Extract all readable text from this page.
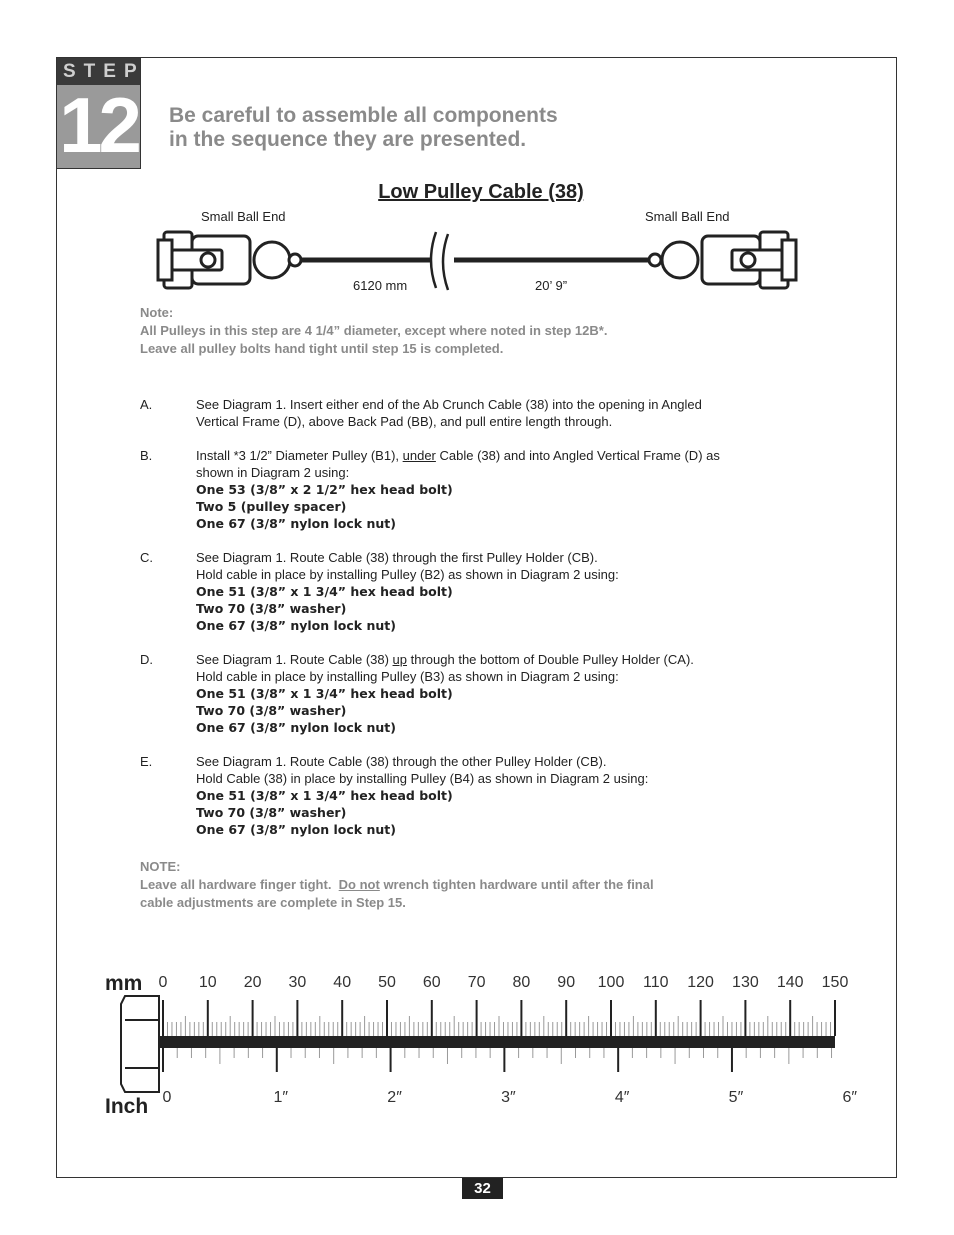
STEP
12 Be careful to assemble all components
in the sequence they are presented.
Low Pulley Cable (38)
Small Ball End	Small Ball End
6120 mm	20’ 9”
Note:
All Pulleys in this step are 4 1/4” diameter, except where noted in step 12B*.
Leave all pulley bolts hand tight until step 15 is completed.
A.	See Diagram 1. Insert either end of the Ab Crunch Cable (38) into the opening in Angled
Vertical Frame (D), above Back Pad (BB), and pull entire length through.
B.	Install *3 1/2” Diameter Pulley (B1), under Cable (38) and into Angled Vertical Frame (D) as
shown in Diagram 2 using:
One 53 (3/8” x 2 1/2” hex head bolt)
Two 5 (pulley spacer)
One 67 (3/8” nylon lock nut)
C.	See Diagram 1. Route Cable (38) through the first Pulley Holder (CB).
Hold cable in place by installing Pulley (B2) as shown in Diagram 2 using:
One 51 (3/8” x 1 3/4” hex head bolt)
Two 70 (3/8” washer)
One 67 (3/8” nylon lock nut)
D.	See Diagram 1. Route Cable (38) up through the bottom of Double Pulley Holder (CA).
Hold cable in place by installing Pulley (B3) as shown in Diagram 2 using:
One 51 (3/8” x 1 3/4” hex head bolt)
Two 70 (3/8” washer)
One 67 (3/8” nylon lock nut)
E.	See Diagram 1. Route Cable (38) through the other Pulley Holder (CB).
Hold Cable (38) in place by installing Pulley (B4) as shown in Diagram 2 using:
One 51 (3/8” x 1 3/4” hex head bolt)
Two 70 (3/8” washer)
One 67 (3/8” nylon lock nut)
NOTE:
Leave all hardware finger tight.  Do not wrench tighten hardware until after the final
cable adjustments are complete in Step 15.
mm
Inch
0 10 20 30 40 50 60 70 80 90 100 110 120 130 140 150
0	1″	2″	3″	4″	5″	6″
32
